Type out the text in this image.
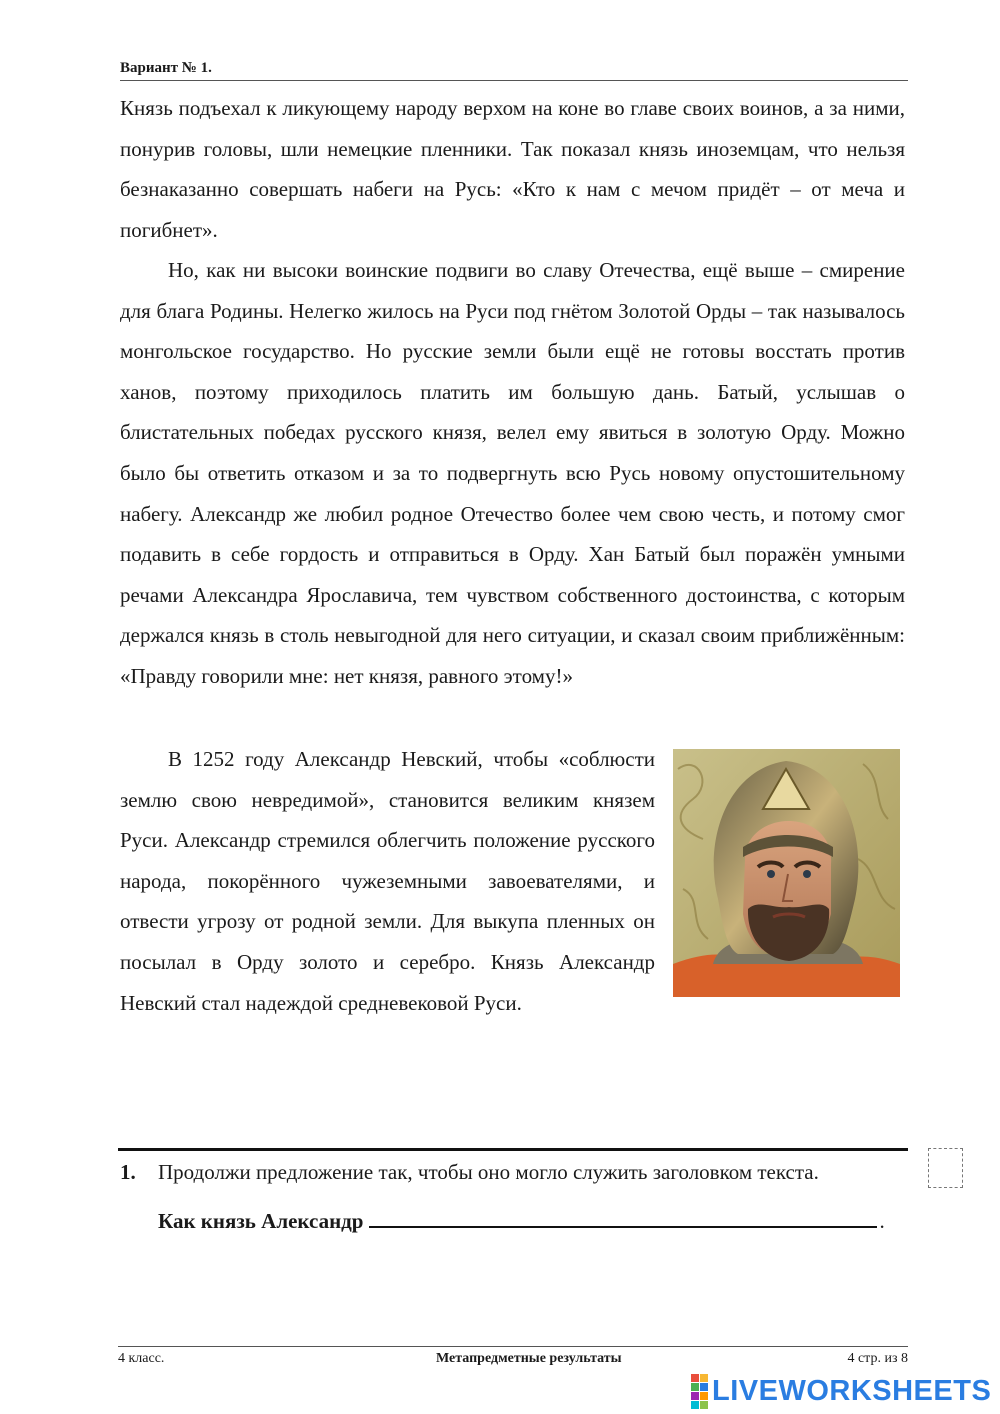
Вариант № 1.

Князь подъехал к ликующему народу верхом на коне во главе своих воинов, а за ними, понурив головы, шли немецкие пленники. Так показал князь иноземцам, что нельзя безнаказанно совершать набеги на Русь: «Кто к нам с мечом придёт – от меча и погибнет».

Но, как ни высоки воинские подвиги во славу Отечества, ещё выше – смирение для блага Родины. Нелегко жилось на Руси под гнётом Золотой Орды – так называлось монгольское государство. Но русские земли были ещё не готовы восстать против ханов, поэтому приходилось платить им большую дань. Батый, услышав о блистательных победах русского князя, велел ему явиться в золотую Орду. Можно было бы ответить отказом и за то подвергнуть всю Русь новому опустошительному набегу. Александр же любил родное Отечество более чем свою честь, и потому смог подавить в себе гордость и отправиться в Орду. Хан Батый был поражён умными речами Александра Ярославича, тем чувством собственного достоинства, с которым держался князь в столь невыгодной для него ситуации, и сказал своим приближённым: «Правду говорили мне: нет князя, равного этому!»

В 1252 году Александр Невский, чтобы «соблюсти землю свою невредимой», становится великим князем Руси. Александр стремился облегчить положение русского народа, покорённого чужеземными завоевателями, и отвести угрозу от родной земли. Для выкупа пленных он посылал в Орду золото и серебро. Князь Александр Невский стал надеждой средневековой Руси.

1. Продолжи предложение так, чтобы оно могло служить заголовком текста.
Как князь Александр	.
4 класс.	Метапредметные результаты	4 стр. из 8
LIVEWORKSHEETS
